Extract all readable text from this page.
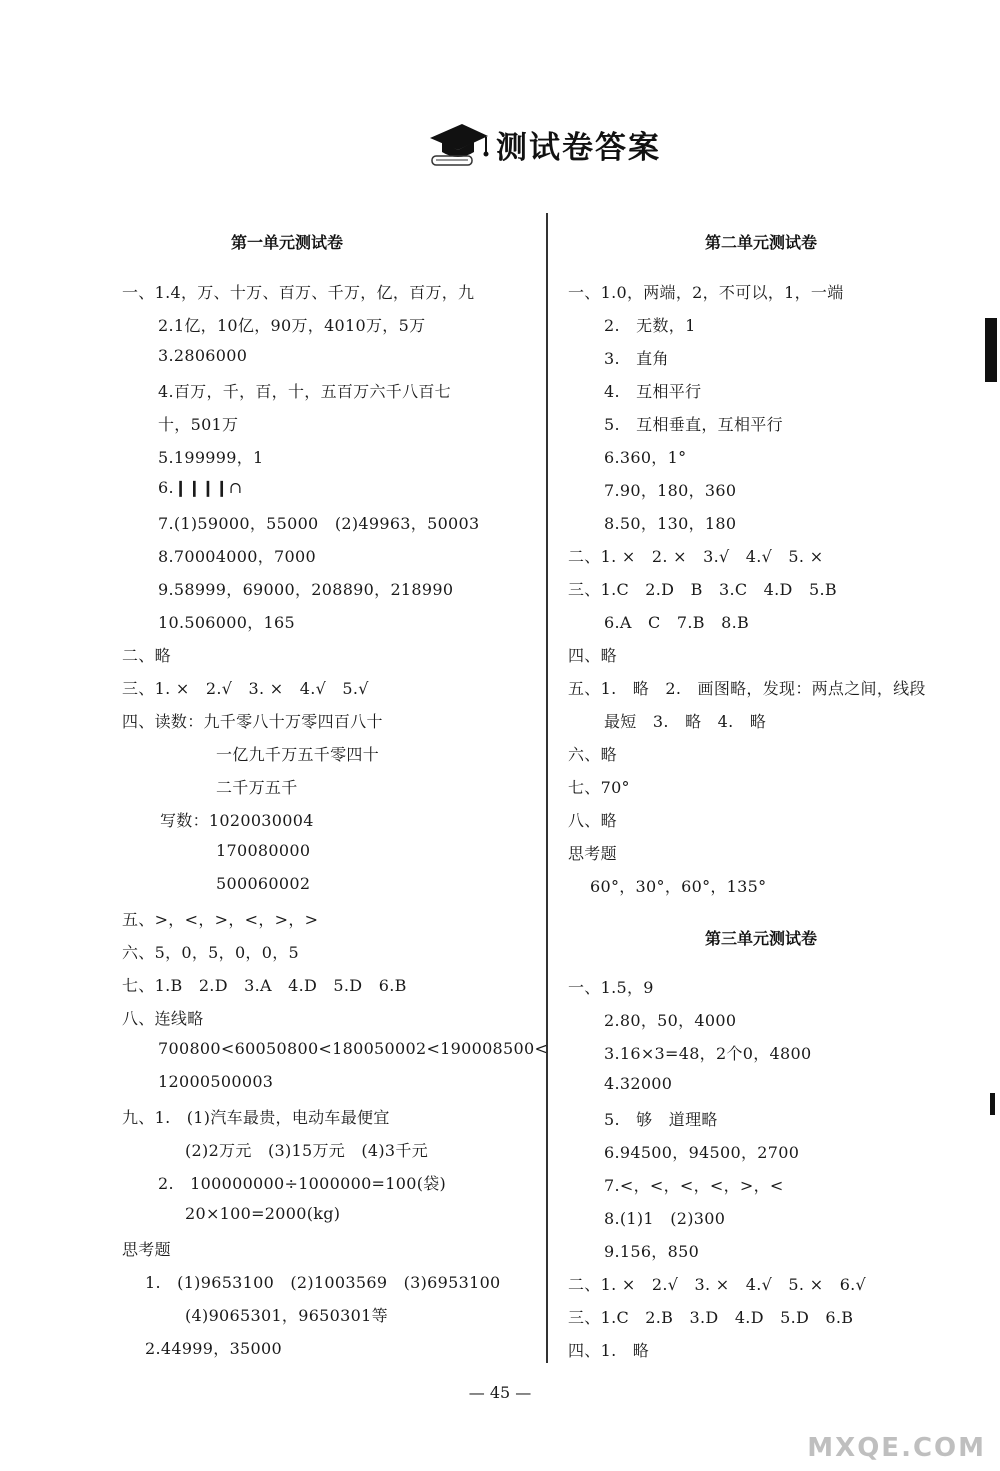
测试卷答案
第一单元测试卷
一、1.4，万、十万、百万、千万，亿，百万，九
2.1亿，10亿，90万，4010万，5万
3.2806000
4.百万，千，百，十，五百万六千八百七
十，501万
5.199999，1
6.❙❙❙❙∩
7.(1)59000，55000　(2)49963，50003
8.70004000，7000
9.58999，69000，208890，218990
10.506000，165
二、略
三、1. ×　2.√　3. ×　4.√　5.√
四、读数：九千零八十万零四百八十
一亿九千万五千零四十
二千万五千
写数：1020030004
170080000
500060002
五、>，<，>，<，>，>
六、5，0，5，0，0，5
七、1.B　2.D　3.A　4.D　5.D　6.B
八、连线略
700800<60050800<180050002<190008500<
12000500003
九、1.　(1)汽车最贵，电动车最便宜
(2)2万元　(3)15万元　(4)3千元
2.　100000000÷1000000=100(袋)
20×100=2000(kg)
思考题
1.　(1)9653100　(2)1003569　(3)6953100
(4)9065301，9650301等
2.44999，35000
第二单元测试卷
一、1.0，两端，2，不可以，1，一端
2.　无数，1
3.　直角
4.　互相平行
5.　互相垂直，互相平行
6.360，1°
7.90，180，360
8.50，130，180
二、1. ×　2. ×　3.√　4.√　5. ×
三、1.C　2.D　B　3.C　4.D　5.B
6.A　C　7.B　8.B
四、略
五、1.　略　2.　画图略，发现：两点之间，线段
最短　3.　略　4.　略
六、略
七、70°
八、略
思考题
60°，30°，60°，135°
第三单元测试卷
一、1.5，9
2.80，50，4000
3.16×3=48，2个0，4800
4.32000
5.　够　道理略
6.94500，94500，2700
7.<，<，<，<，>，<
8.(1)1　(2)300
9.156，850
二、1. ×　2.√　3. ×　4.√　5. ×　6.√
三、1.C　2.B　3.D　4.D　5.D　6.B
四、1.　略
— 45 —
MXQE.COM
